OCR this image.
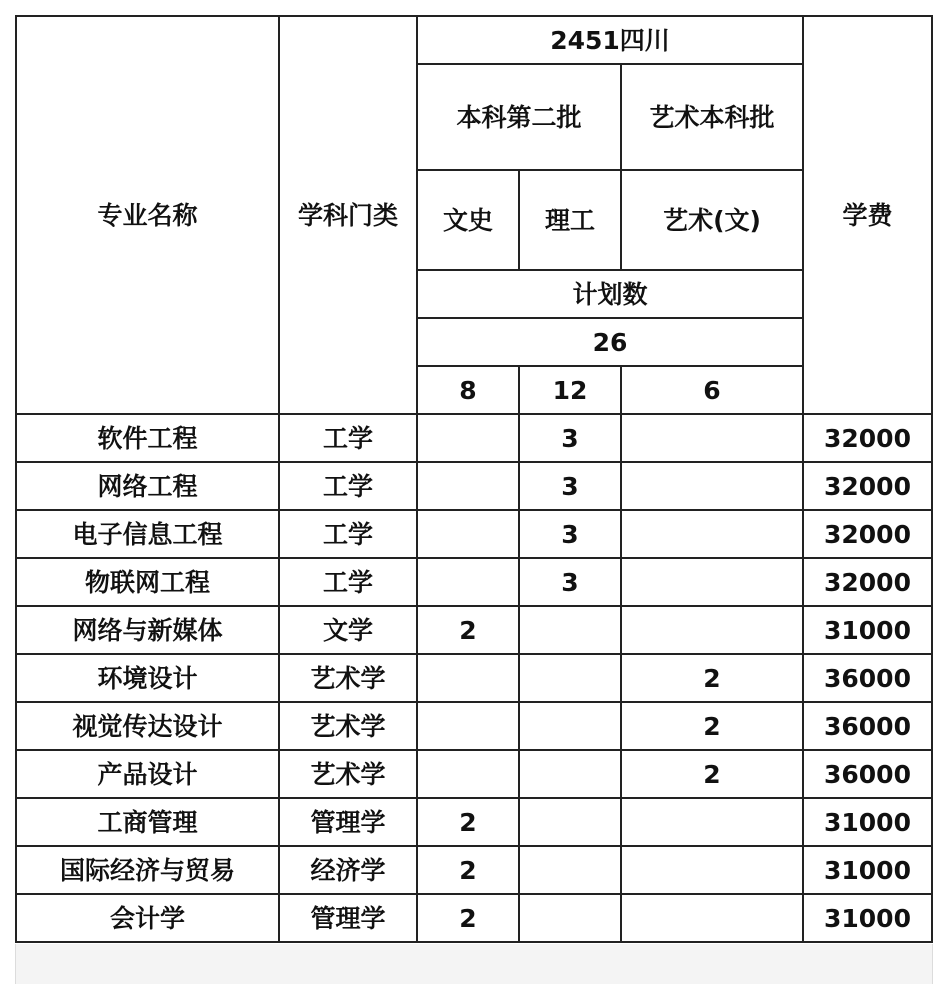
专业名称	学科门类	2451四川			学费
		本科第二批		艺术本科批	
		文史	理工	艺术(文)	
		计划数			
		26			
		8	12	6	

软件工程	工学		3		32000
网络工程	工学		3		32000
电子信息工程	工学		3		32000
物联网工程	工学		3		32000
网络与新媒体	文学	2			31000
环境设计	艺术学			2	36000
视觉传达设计	艺术学			2	36000
产品设计	艺术学			2	36000
工商管理	管理学	2			31000
国际经济与贸易	经济学	2			31000
会计学	管理学	2			31000
